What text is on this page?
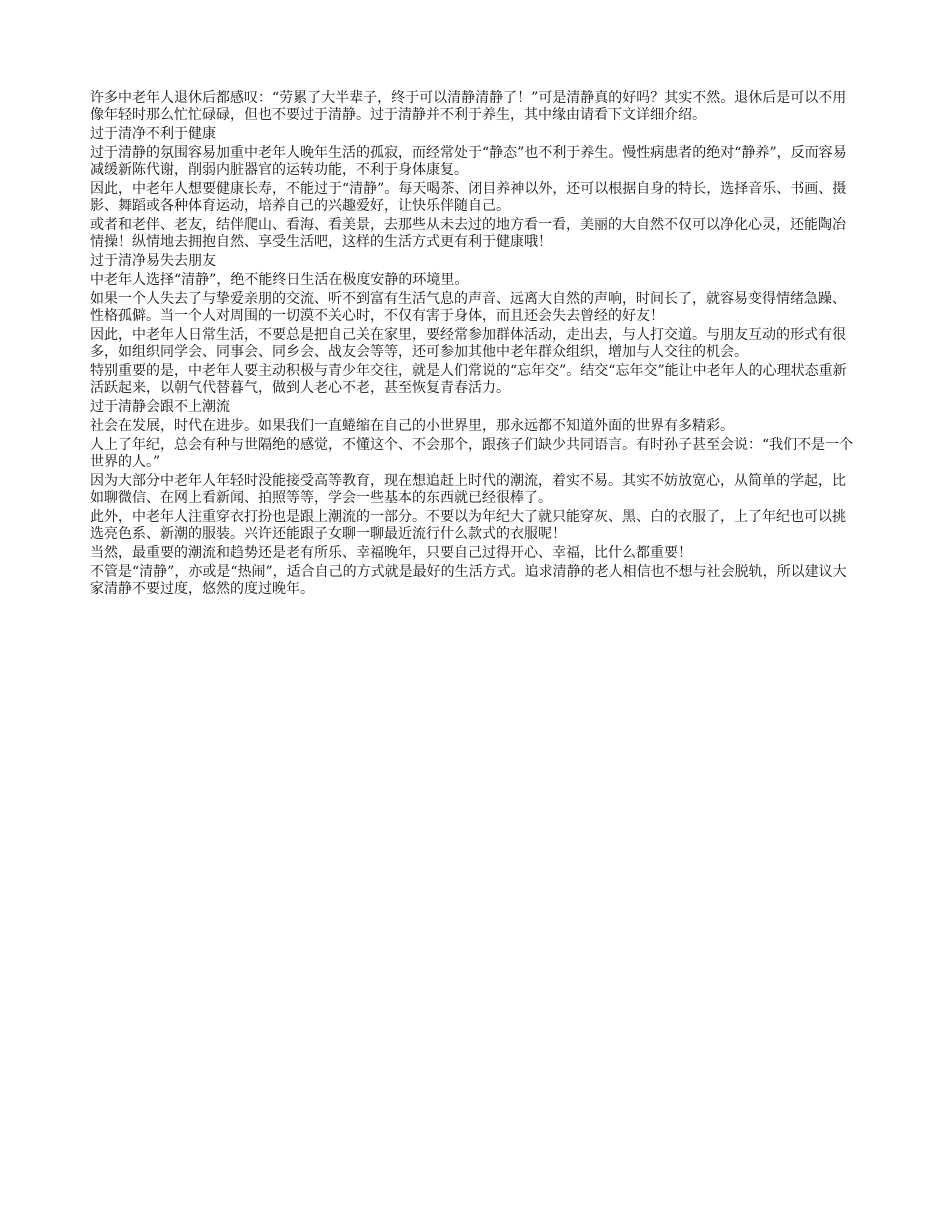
许多中老年人退休后都感叹：“劳累了大半辈子，终于可以清静清静了！”可是清静真的好吗？其实不然。退休后是可以不用像年轻时那么忙忙碌碌，但也不要过于清静。过于清静并不利于养生，其中缘由请看下文详细介绍。

过于清净不利于健康

过于清静的氛围容易加重中老年人晚年生活的孤寂，而经常处于“静态”也不利于养生。慢性病患者的绝对“静养”，反而容易减缓新陈代谢，削弱内脏器官的运转功能，不利于身体康复。

因此，中老年人想要健康长寿，不能过于“清静”。每天喝茶、闭目养神以外，还可以根据自身的特长，选择音乐、书画、摄影、舞蹈或各种体育运动，培养自己的兴趣爱好，让快乐伴随自己。

或者和老伴、老友，结伴爬山、看海、看美景，去那些从未去过的地方看一看，美丽的大自然不仅可以净化心灵，还能陶冶情操！纵情地去拥抱自然、享受生活吧，这样的生活方式更有利于健康哦！

过于清净易失去朋友

中老年人选择“清静”，绝不能终日生活在极度安静的环境里。

如果一个人失去了与挚爱亲朋的交流、听不到富有生活气息的声音、远离大自然的声响，时间长了，就容易变得情绪急躁、性格孤僻。当一个人对周围的一切漠不关心时，不仅有害于身体，而且还会失去曾经的好友！

因此，中老年人日常生活，不要总是把自己关在家里，要经常参加群体活动，走出去，与人打交道。与朋友互动的形式有很多，如组织同学会、同事会、同乡会、战友会等等，还可参加其他中老年群众组织，增加与人交往的机会。

特别重要的是，中老年人要主动积极与青少年交往，就是人们常说的“忘年交”。结交“忘年交”能让中老年人的心理状态重新活跃起来，以朝气代替暮气，做到人老心不老，甚至恢复青春活力。

过于清静会跟不上潮流

社会在发展，时代在进步。如果我们一直蜷缩在自己的小世界里，那永远都不知道外面的世界有多精彩。

人上了年纪，总会有种与世隔绝的感觉，不懂这个、不会那个，跟孩子们缺少共同语言。有时孙子甚至会说：“我们不是一个世界的人。”

因为大部分中老年人年轻时没能接受高等教育，现在想追赶上时代的潮流，着实不易。其实不妨放宽心，从简单的学起，比如聊微信、在网上看新闻、拍照等等，学会一些基本的东西就已经很棒了。

此外，中老年人注重穿衣打扮也是跟上潮流的一部分。不要以为年纪大了就只能穿灰、黑、白的衣服了，上了年纪也可以挑选亮色系、新潮的服装。兴许还能跟子女聊一聊最近流行什么款式的衣服呢！

当然，最重要的潮流和趋势还是老有所乐、幸福晚年，只要自己过得开心、幸福，比什么都重要！

不管是“清静”，亦或是“热闹”，适合自己的方式就是最好的生活方式。追求清静的老人相信也不想与社会脱轨，所以建议大家清静不要过度，悠然的度过晚年。
